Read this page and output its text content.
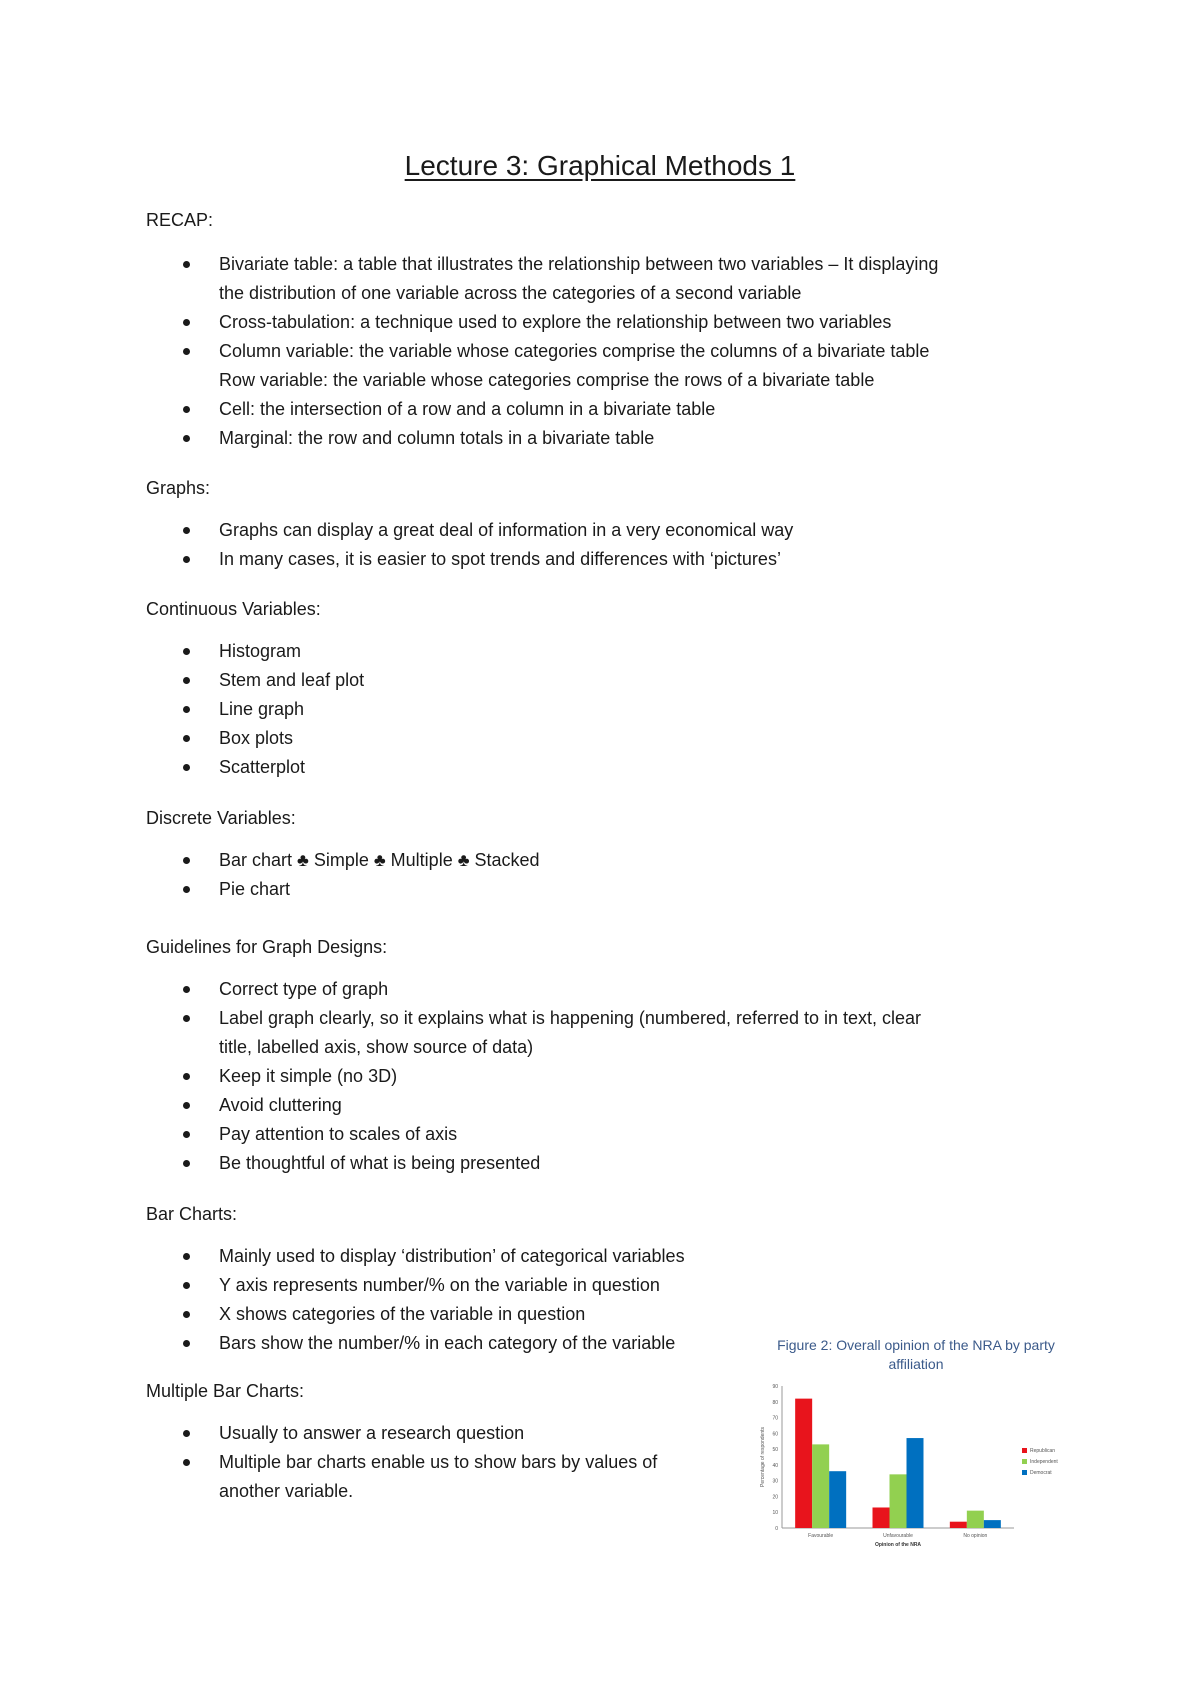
Lecture 3: Graphical Methods 1
RECAP:
Bivariate table: a table that illustrates the relationship between two variables – It displaying
the distribution of one variable across the categories of a second variable
Cross-tabulation: a technique used to explore the relationship between two variables
Column variable: the variable whose categories comprise the columns of a bivariate table
Row variable: the variable whose categories comprise the rows of a bivariate table
Cell: the intersection of a row and a column in a bivariate table
Marginal: the row and column totals in a bivariate table
Graphs:
Graphs can display a great deal of information in a very economical way
In many cases, it is easier to spot trends and differences with ‘pictures’
Continuous Variables:
Histogram
Stem and leaf plot
Line graph
Box plots
Scatterplot
Discrete Variables:
Bar chart ♣ Simple ♣ Multiple ♣ Stacked
Pie chart
Guidelines for Graph Designs:
Correct type of graph
Label graph clearly, so it explains what is happening (numbered, referred to in text, clear
title, labelled axis, show source of data)
Keep it simple (no 3D)
Avoid cluttering
Pay attention to scales of axis
Be thoughtful of what is being presented
Bar Charts:
Mainly used to display ‘distribution’ of categorical variables
Y axis represents number/% on the variable in question
X shows categories of the variable in question
Bars show the number/% in each category of the variable
Multiple Bar Charts:
Usually to answer a research question
Multiple bar charts enable us to show bars by values of
another variable.
Figure 2: Overall opinion of the NRA by party
affiliation
0
10
20
30
40
50
60
70
80
90
Percentage of respondents
Favourable	Unfavourable	No opinion
Opinion of the NRA
Republican
Independent
Democrat
